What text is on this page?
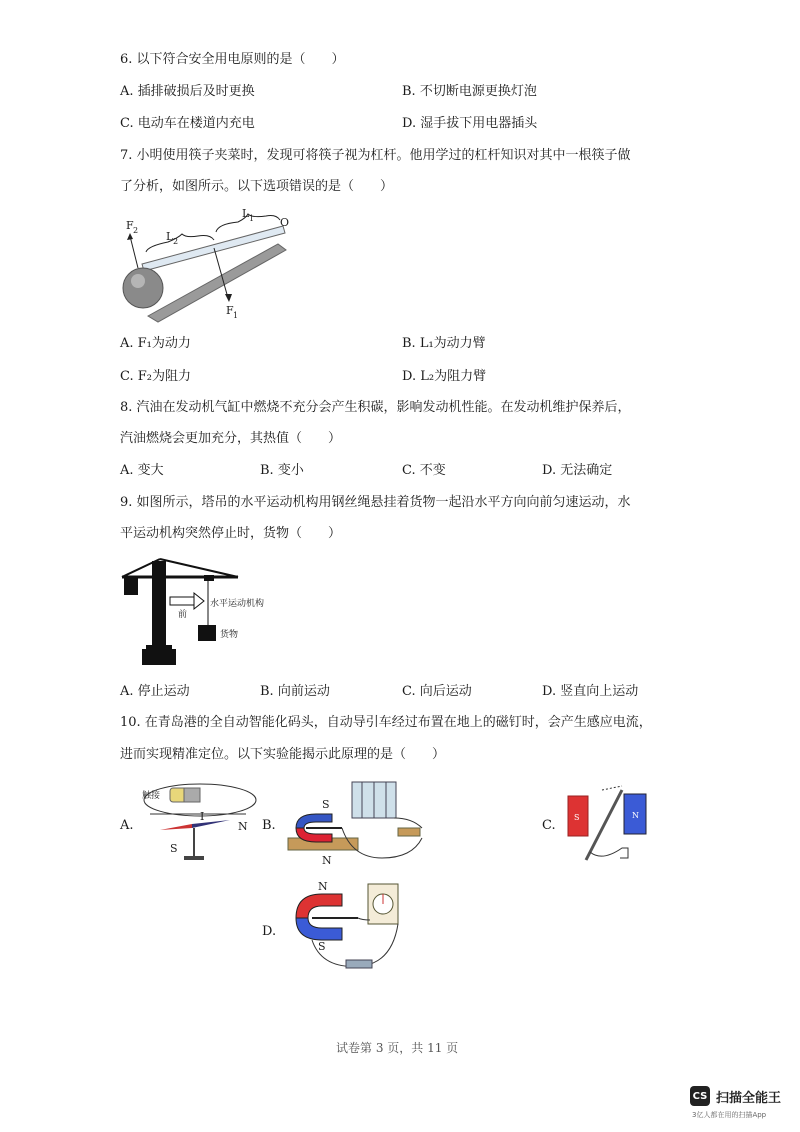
6. 以下符合安全用电原则的是（　　）
A. 插排破损后及时更换	B. 不切断电源更换灯泡
C. 电动车在楼道内充电	D. 湿手拔下用电器插头
7. 小明使用筷子夹菜时，发现可将筷子视为杠杆。他用学过的杠杆知识对其中一根筷子做
了分析，如图所示。以下选项错误的是（　　）
F 2	L 2
L 1 O
F 1
A. F₁为动力	B. L₁为动力臂
C. F₂为阻力	D. L₂为阻力臂
8. 汽油在发动机气缸中燃烧不充分会产生积碳，影响发动机性能。在发动机维护保养后，
汽油燃烧会更加充分，其热值（　　）
A. 变大	B. 变小	C. 不变	D. 无法确定
9. 如图所示，塔吊的水平运动机构用钢丝绳悬挂着货物一起沿水平方向向前匀速运动，水
平运动机构突然停止时，货物（　　）
前
水平运动机构
货物
A. 停止运动	B. 向前运动	C. 向后运动	D. 竖直向上运动
10. 在青岛港的全自动智能化码头，自动导引车经过布置在地上的磁钉时，会产生感应电流，
进而实现精准定位。以下实验能揭示此原理的是（　　）
A.	B.	C.
D.
触接
I
N
S
S
N
S	N
N
S
试卷第 3 页，共 11 页
CS 扫描全能王
3亿人都在用的扫描App
